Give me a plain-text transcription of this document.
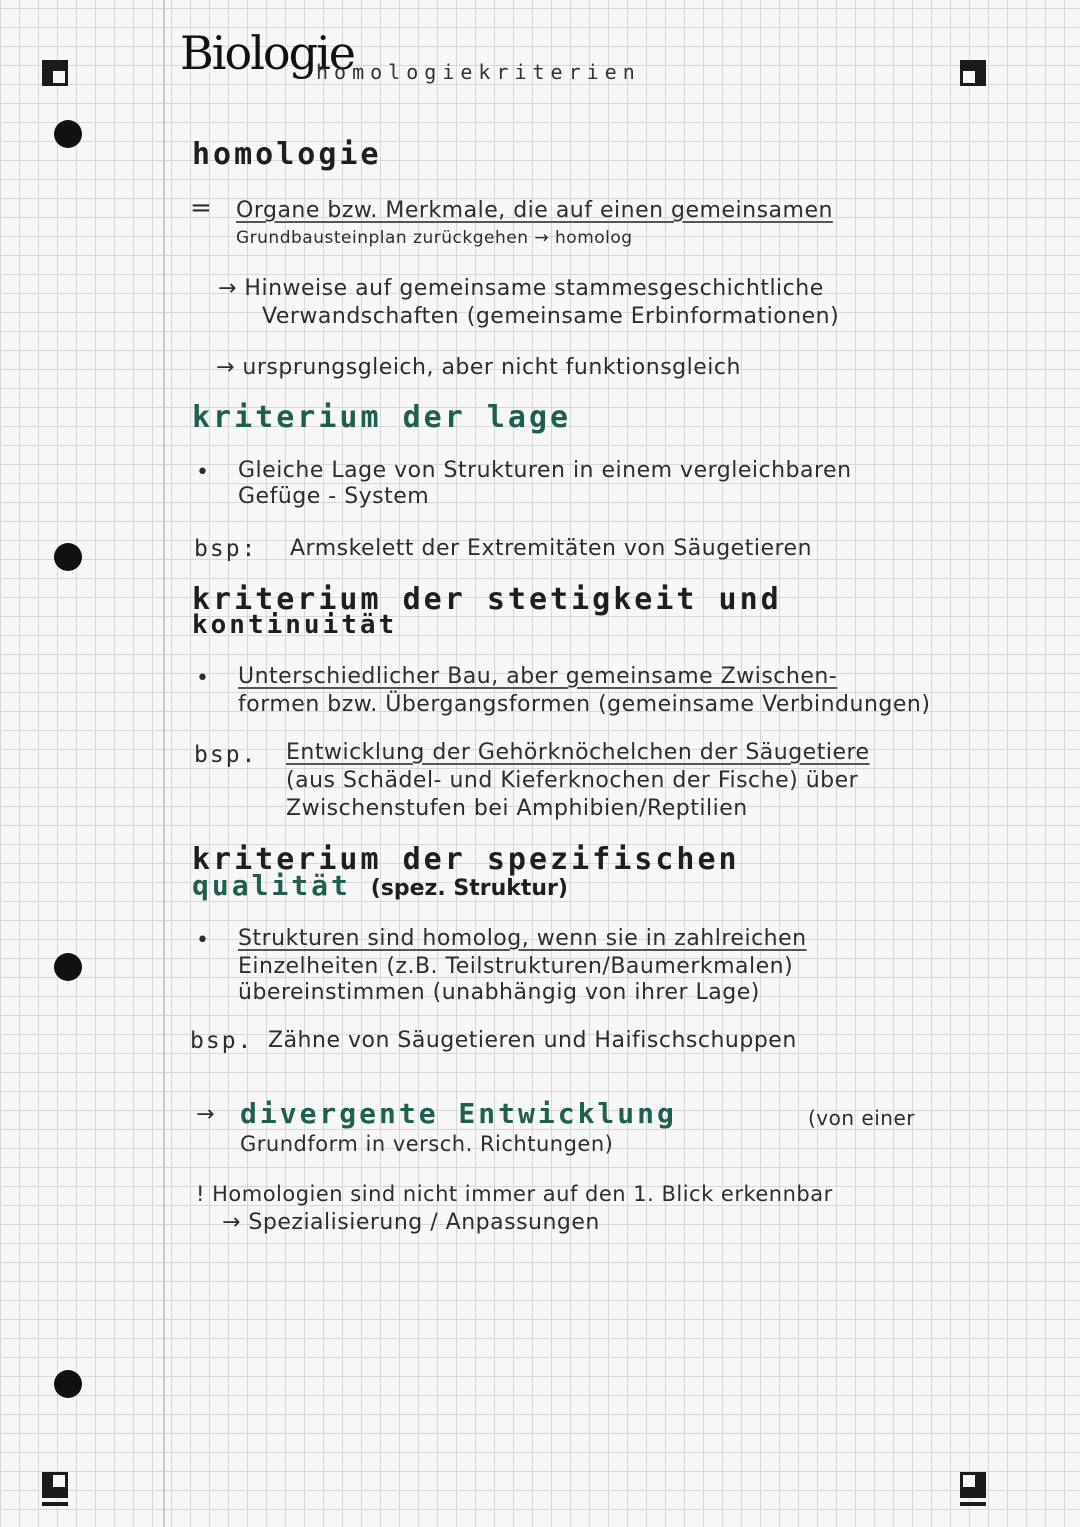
Biologie
homologiekriterien
homologie
= Organe bzw. Merkmale, die auf einen gemeinsamen
Grundbausteinplan zurückgehen → homolog
→ Hinweise auf gemeinsame stammesgeschichtliche
Verwandschaften (gemeinsame Erbinformationen)
→ ursprungsgleich, aber nicht funktionsgleich
kriterium der lage
• Gleiche Lage von Strukturen in einem vergleichbaren
Gefüge - System
bsp: Armskelett der Extremitäten von Säugetieren
kriterium der stetigkeit und
kontinuität
• Unterschiedlicher Bau, aber gemeinsame Zwischen-
formen bzw. Übergangsformen (gemeinsame Verbindungen)
bsp. Entwicklung der Gehörknöchelchen der Säugetiere
(aus Schädel- und Kieferknochen der Fische) über
Zwischenstufen bei Amphibien/Reptilien
kriterium der spezifischen
qualität (spez. Struktur)
• Strukturen sind homolog, wenn sie in zahlreichen
Einzelheiten (z.B. Teilstrukturen/Baumerkmalen)
übereinstimmen (unabhängig von ihrer Lage)
bsp. Zähne von Säugetieren und Haifischschuppen
→ divergente Entwicklung	(von einer
Grundform in versch. Richtungen)
! Homologien sind nicht immer auf den 1. Blick erkennbar
→ Spezialisierung / Anpassungen
